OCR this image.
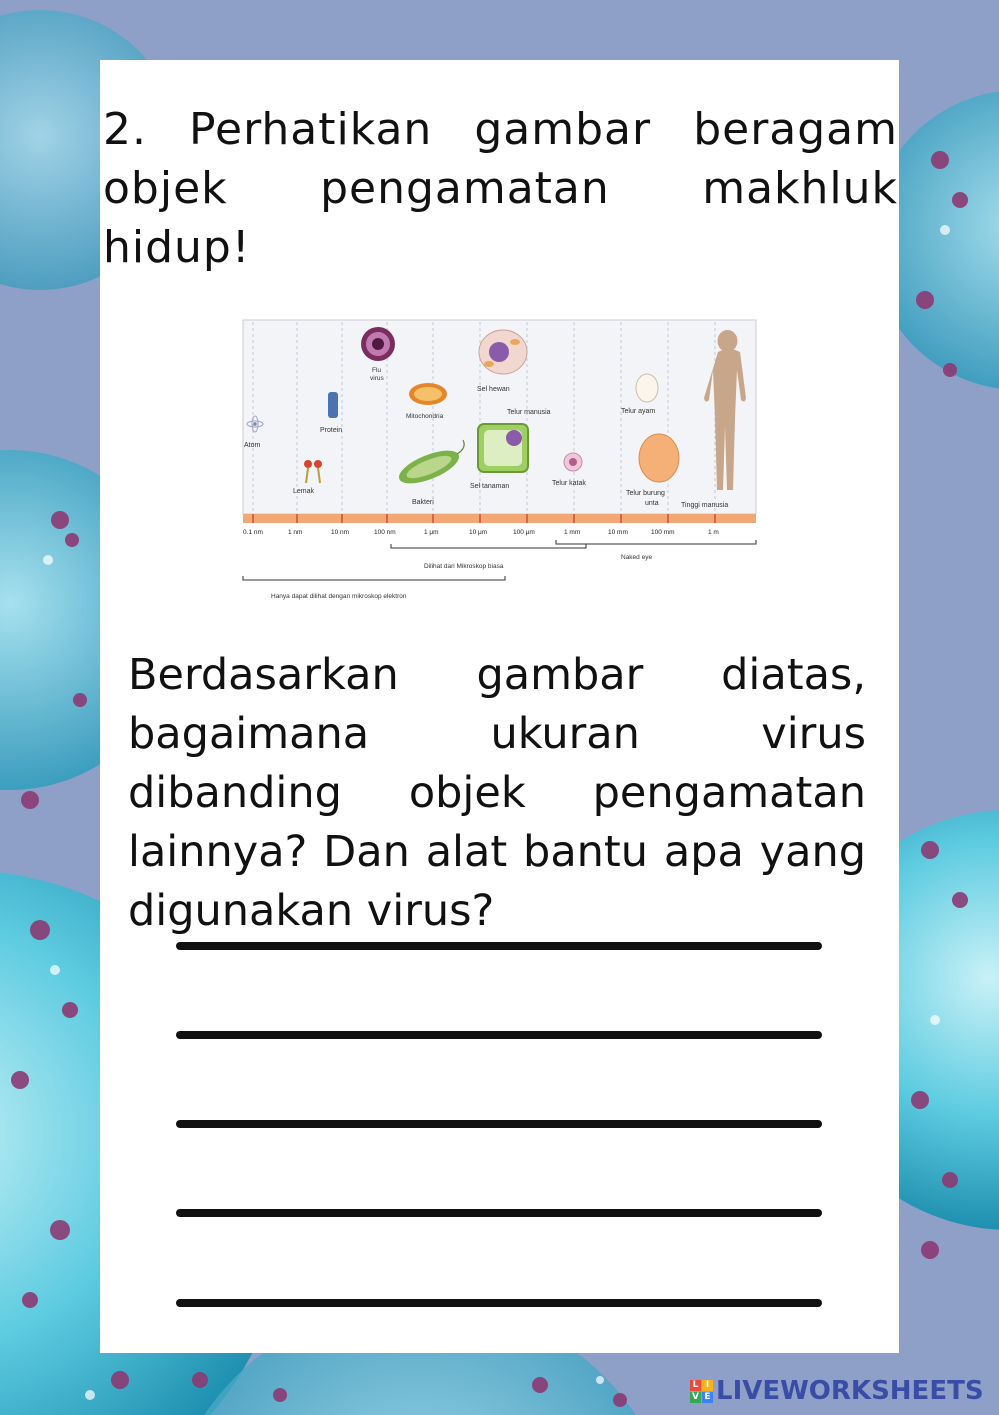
2. Perhatikan gambar beragam objek pengamatan makhluk hidup!

Atom
Protein
Lemak
Flu
virus
Mitochondria
Bakteri
Sel hewan
Telur manusia
Sel tanaman	Telur katak
Telur ayam
Telur burung
unta	Tinggi manusia
0.1 nm	1 nm	10 nm	100 nm	1 μm	10 μm	100 μm	1 mm	10 mm	100 mm	1 m
Naked eye
Dilihat dari Mikroskop biasa
Hanya dapat dilihat dengan mikroskop elektron

Berdasarkan gambar diatas, bagaimana ukuran virus dibanding objek pengamatan lainnya? Dan alat bantu apa yang digunakan virus?

L I
V E LIVEWORKSHEETS
